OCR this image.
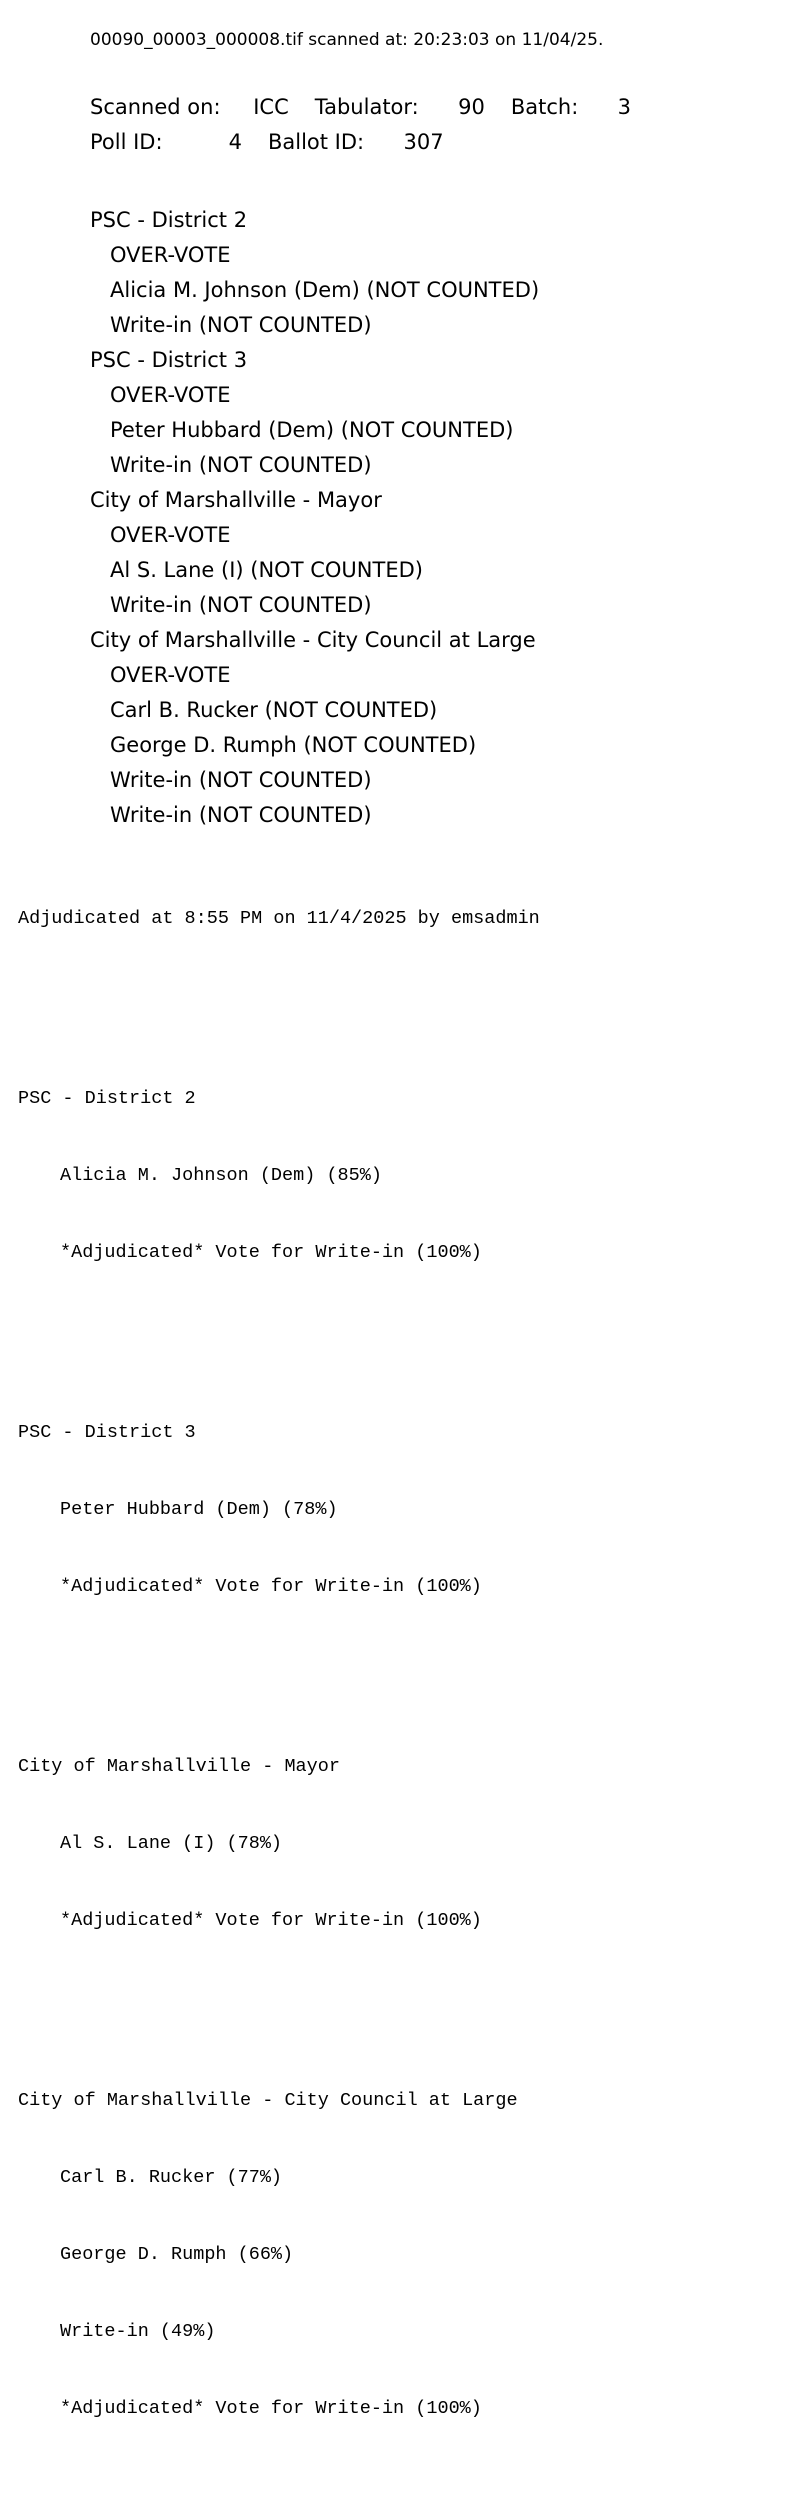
00090_00003_000008.tif scanned at: 20:23:03 on 11/04/25.
Scanned on: ICC Tabulator: 90 Batch: 3
Poll ID:	4 Ballot ID: 307
PSC - District 2
OVER-VOTE
Alicia M. Johnson (Dem) (NOT COUNTED)
Write-in (NOT COUNTED)
PSC - District 3
OVER-VOTE
Peter Hubbard (Dem) (NOT COUNTED)
Write-in (NOT COUNTED)
City of Marshallville - Mayor
OVER-VOTE
Al S. Lane (I) (NOT COUNTED)
Write-in (NOT COUNTED)
City of Marshallville - City Council at Large
OVER-VOTE
Carl B. Rucker (NOT COUNTED)
George D. Rumph (NOT COUNTED)
Write-in (NOT COUNTED)
Write-in (NOT COUNTED)

Adjudicated at 8:55 PM on 11/4/2025 by emsadmin

PSC - District 2

Alicia M. Johnson (Dem) (85%)

*Adjudicated* Vote for Write-in (100%)

PSC - District 3

Peter Hubbard (Dem) (78%)

*Adjudicated* Vote for Write-in (100%)

City of Marshallville - Mayor

Al S. Lane (I) (78%)

*Adjudicated* Vote for Write-in (100%)

City of Marshallville - City Council at Large

Carl B. Rucker (77%)

George D. Rumph (66%)

Write-in (49%)

*Adjudicated* Vote for Write-in (100%)
